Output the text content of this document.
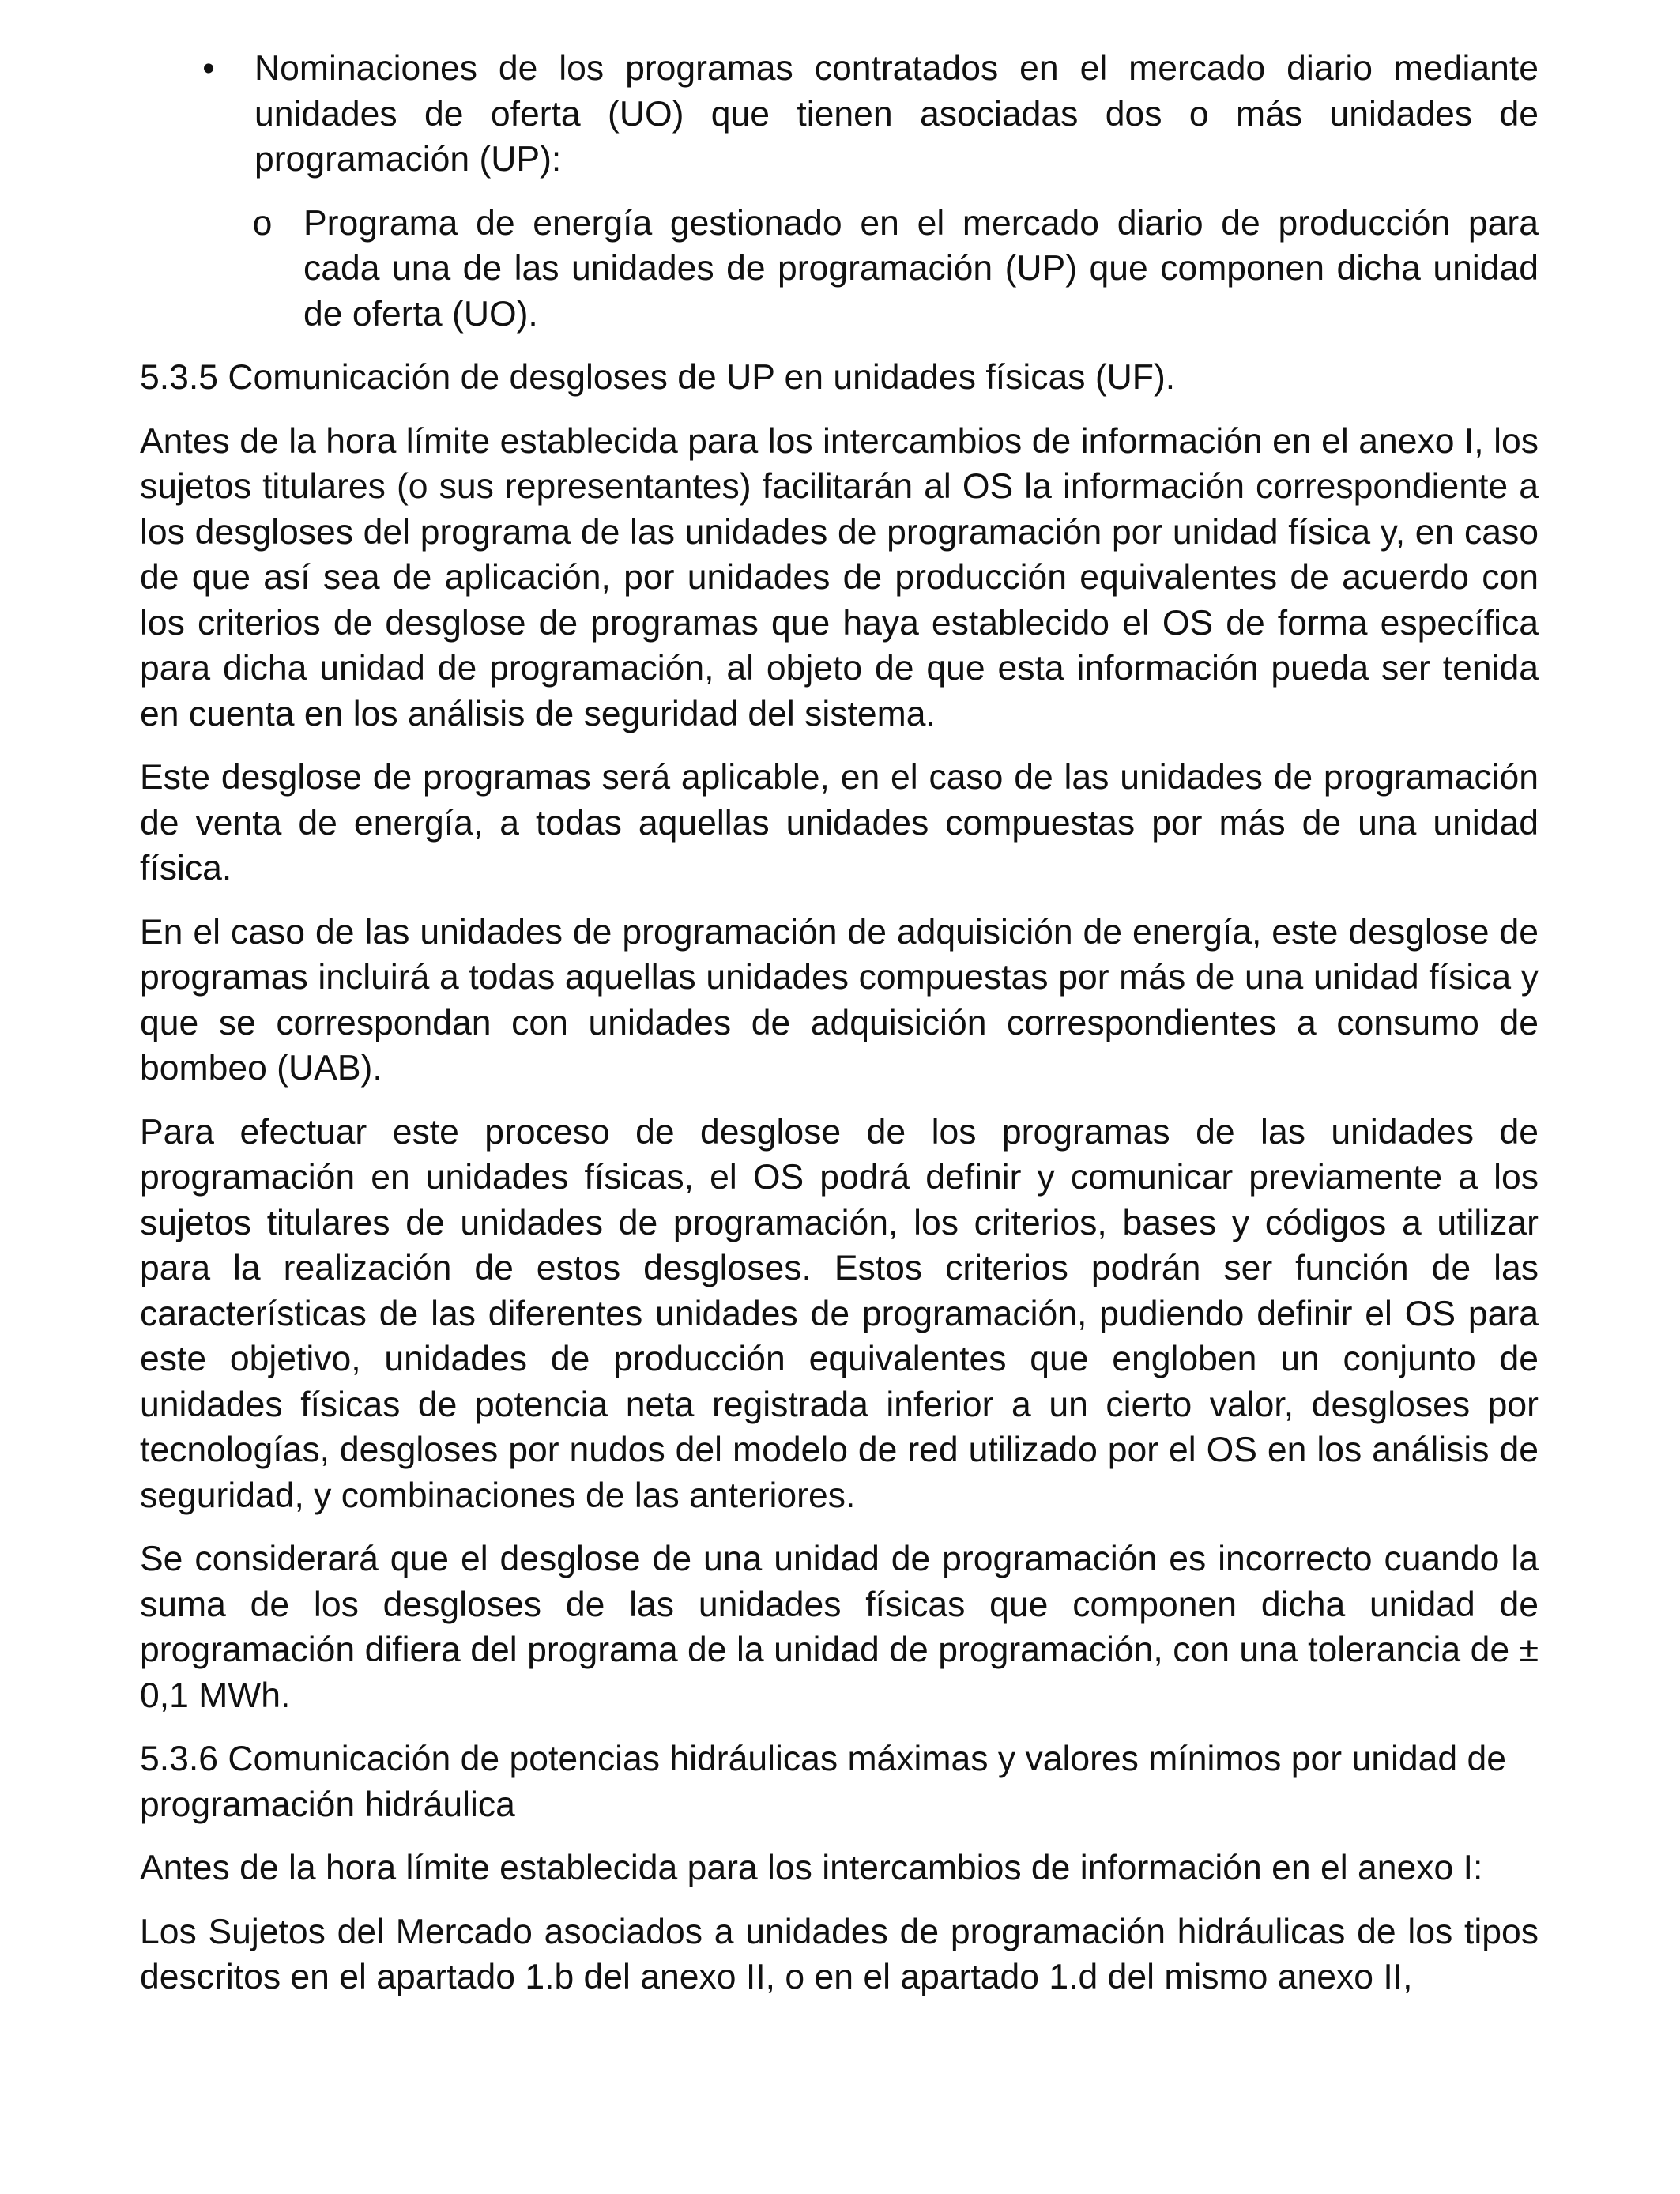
• Nominaciones de los programas contratados en el mercado diario mediante unidades de oferta (UO) que tienen asociadas dos o más unidades de programación (UP):
o Programa de energía gestionado en el mercado diario de producción para cada una de las unidades de programación (UP) que componen dicha unidad de oferta (UO).

5.3.5 Comunicación de desgloses de UP en unidades físicas (UF).

Antes de la hora límite establecida para los intercambios de información en el anexo I, los sujetos titulares (o sus representantes) facilitarán al OS la información correspondiente a los desgloses del programa de las unidades de programación por unidad física y, en caso de que así sea de aplicación, por unidades de producción equivalentes de acuerdo con los criterios de desglose de programas que haya establecido el OS de forma específica para dicha unidad de programación, al objeto de que esta información pueda ser tenida en cuenta en los análisis de seguridad del sistema.

Este desglose de programas será aplicable, en el caso de las unidades de programación de venta de energía, a todas aquellas unidades compuestas por más de una unidad física.

En el caso de las unidades de programación de adquisición de energía, este desglose de programas incluirá a todas aquellas unidades compuestas por más de una unidad física y que se correspondan con unidades de adquisición correspondientes a consumo de bombeo (UAB).

Para efectuar este proceso de desglose de los programas de las unidades de programación en unidades físicas, el OS podrá definir y comunicar previamente a los sujetos titulares de unidades de programación, los criterios, bases y códigos a utilizar para la realización de estos desgloses. Estos criterios podrán ser función de las características de las diferentes unidades de programación, pudiendo definir el OS para este objetivo, unidades de producción equivalentes que engloben un conjunto de unidades físicas de potencia neta registrada inferior a un cierto valor, desgloses por tecnologías, desgloses por nudos del modelo de red utilizado por el OS en los análisis de seguridad, y combinaciones de las anteriores.

Se considerará que el desglose de una unidad de programación es incorrecto cuando la suma de los desgloses de las unidades físicas que componen dicha unidad de programación difiera del programa de la unidad de programación, con una tolerancia de ± 0,1 MWh.

5.3.6 Comunicación de potencias hidráulicas máximas y valores mínimos por unidad de programación hidráulica

Antes de la hora límite establecida para los intercambios de información en el anexo I:

Los Sujetos del Mercado asociados a unidades de programación hidráulicas de los tipos descritos en el apartado 1.b del anexo II, o en el apartado 1.d del mismo anexo II,
